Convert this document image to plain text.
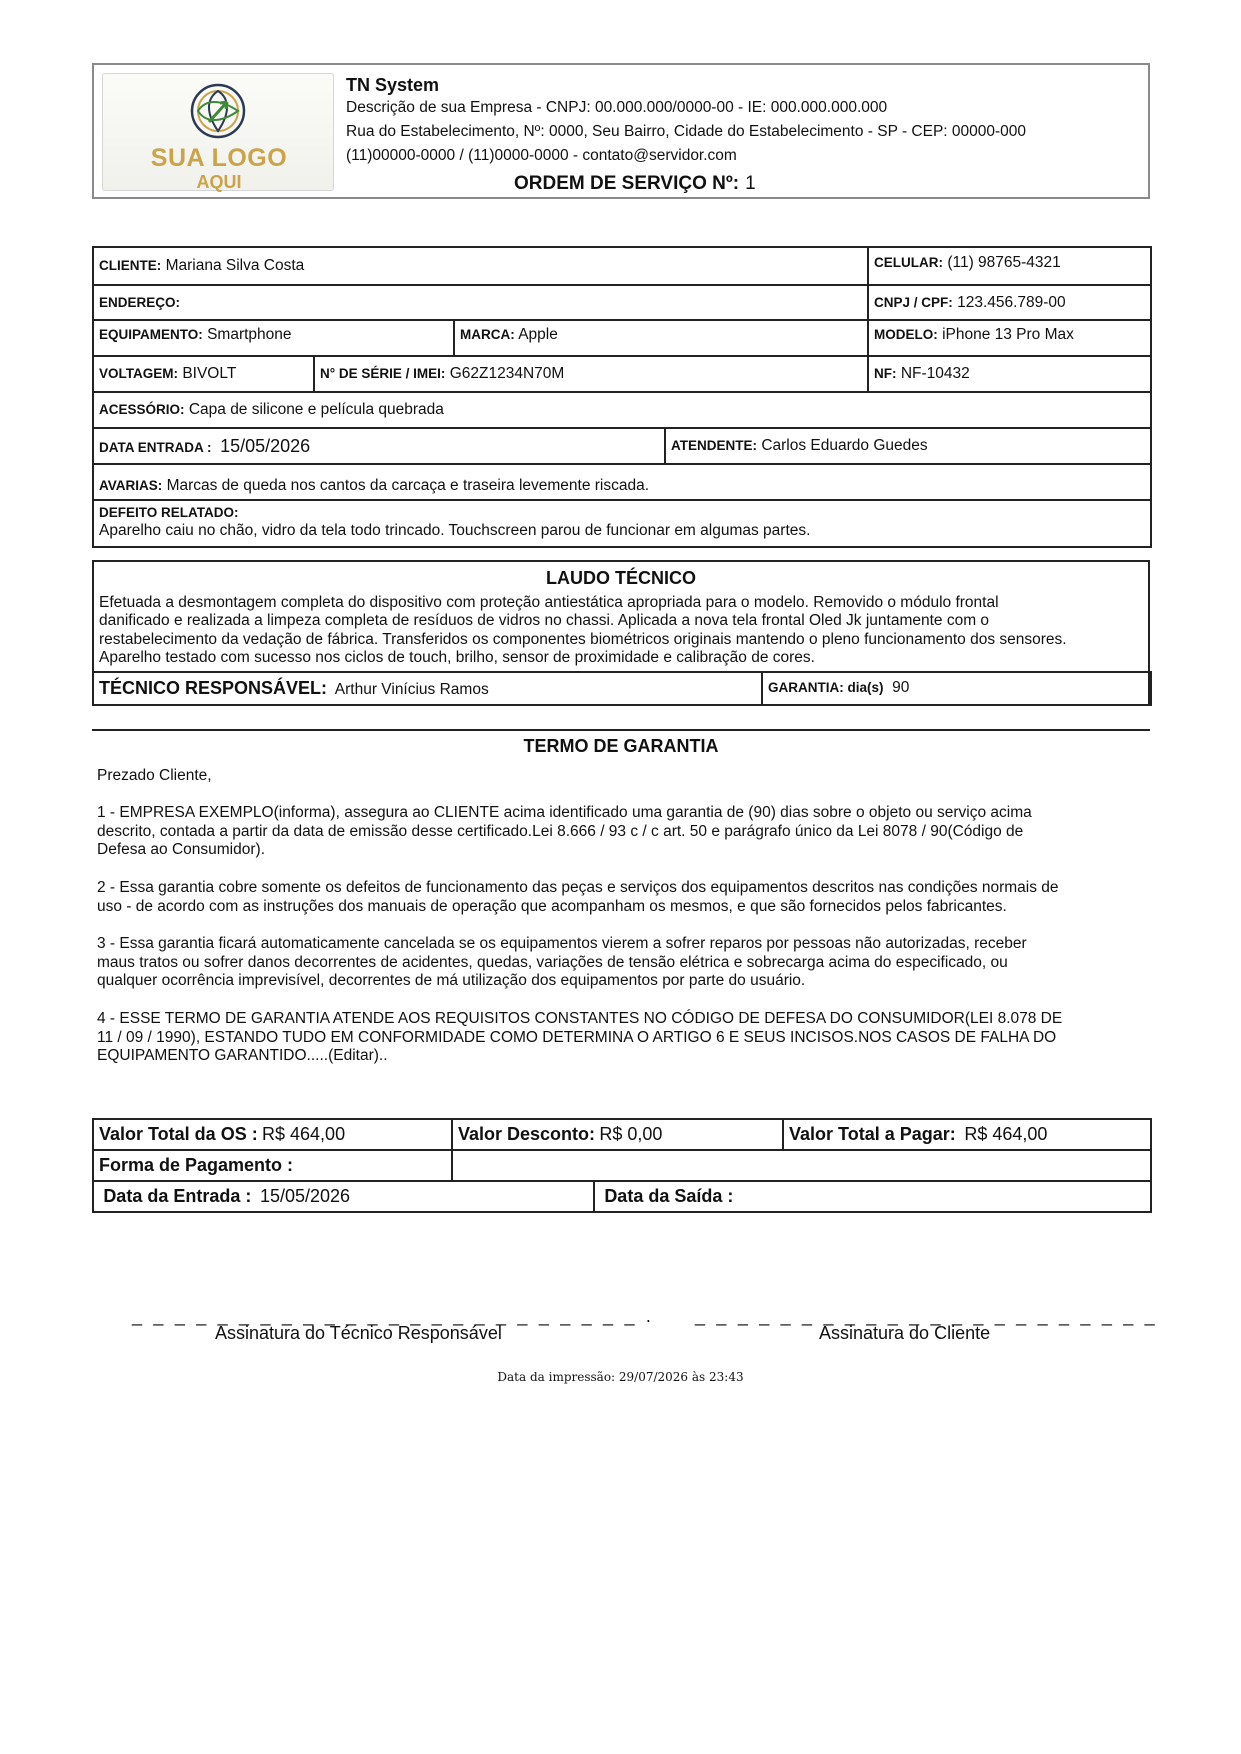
SUA LOGO
AQUI
TN System
Descrição de sua Empresa - CNPJ: 00.000.000/0000-00 - IE: 000.000.000.000
Rua do Estabelecimento, Nº: 0000, Seu Bairro, Cidade do Estabelecimento - SP - CEP: 00000-000
(11)00000-0000 / (11)0000-0000 - contato@servidor.com
ORDEM DE SERVIÇO Nº: 1
CLIENTE: Mariana Silva Costa				CELULAR: (11) 98765-4321
ENDEREÇO:				CNPJ / CPF: 123.456.789-00
EQUIPAMENTO: Smartphone		MARCA: Apple		MODELO: iPhone 13 Pro Max
VOLTAGEM: BIVOLT	N° DE SÉRIE / IMEI: G62Z1234N70M			NF: NF-10432
ACESSÓRIO: Capa de silicone e película quebrada				
DATA ENTRADA : 15/05/2026			ATENDENTE: Carlos Eduardo Guedes	
AVARIAS: Marcas de queda nos cantos da carcaça e traseira levemente riscada.				

DEFEITO RELATADO:
Aparelho caiu no chão, vidro da tela todo trincado. Touchscreen parou de funcionar em algumas partes.				
LAUDO TÉCNICO
Efetuada a desmontagem completa do dispositivo com proteção antiestática apropriada para o modelo. Removido o módulo frontal
danificado e realizada a limpeza completa de resíduos de vidros no chassi. Aplicada a nova tela frontal Oled Jk juntamente com o
restabelecimento da vedação de fábrica. Transferidos os componentes biométricos originais mantendo o pleno funcionamento dos sensores.
Aparelho testado com sucesso nos ciclos de touch, brilho, sensor de proximidade e calibração de cores.
TÉCNICO RESPONSÁVEL: Arthur Vinícius Ramos	GARANTIA: dia(s) 90
TERMO DE GARANTIA
Prezado Cliente,
1 - EMPRESA EXEMPLO(informa), assegura ao CLIENTE acima identificado uma garantia de (90) dias sobre o objeto ou serviço acima
descrito, contada a partir da data de emissão desse certificado.Lei 8.666 / 93 c / c art. 50 e parágrafo único da Lei 8078 / 90(Código de
Defesa ao Consumidor).
2 - Essa garantia cobre somente os defeitos de funcionamento das peças e serviços dos equipamentos descritos nas condições normais de
uso - de acordo com as instruções dos manuais de operação que acompanham os mesmos, e que são fornecidos pelos fabricantes.
3 - Essa garantia ficará automaticamente cancelada se os equipamentos vierem a sofrer reparos por pessoas não autorizadas, receber
maus tratos ou sofrer danos decorrentes de acidentes, quedas, variações de tensão elétrica e sobrecarga acima do especificado, ou
qualquer ocorrência imprevisível, decorrentes de má utilização dos equipamentos por parte do usuário.
4 - ESSE TERMO DE GARANTIA ATENDE AOS REQUISITOS CONSTANTES NO CÓDIGO DE DEFESA DO CONSUMIDOR(LEI 8.078 DE
11 / 09 / 1990), ESTANDO TUDO EM CONFORMIDADE COMO DETERMINA O ARTIGO 6 E SEUS INCISOS.NOS CASOS DE FALHA DO
EQUIPAMENTO GARANTIDO.....(Editar)..
Valor Total da OS : R$ 464,00	Valor Desconto: R$ 0,00		Valor Total a Pagar: R$ 464,00
Forma de Pagamento :			
Data da Entrada : 15/05/2026		Data da Saída :	
_ _ _ _ _ _ _ _ _ _ _ _ _ _ _ _ _ _ _ _ _ _ _ _ . _ _ _ _ _ _ _ _ _ _ _ _ _ _ _ _ _ _ _ _ _ _
Assinatura do Técnico Responsável	Assinatura do Cliente
Data da impressão: 29/07/2026 às 23:43
